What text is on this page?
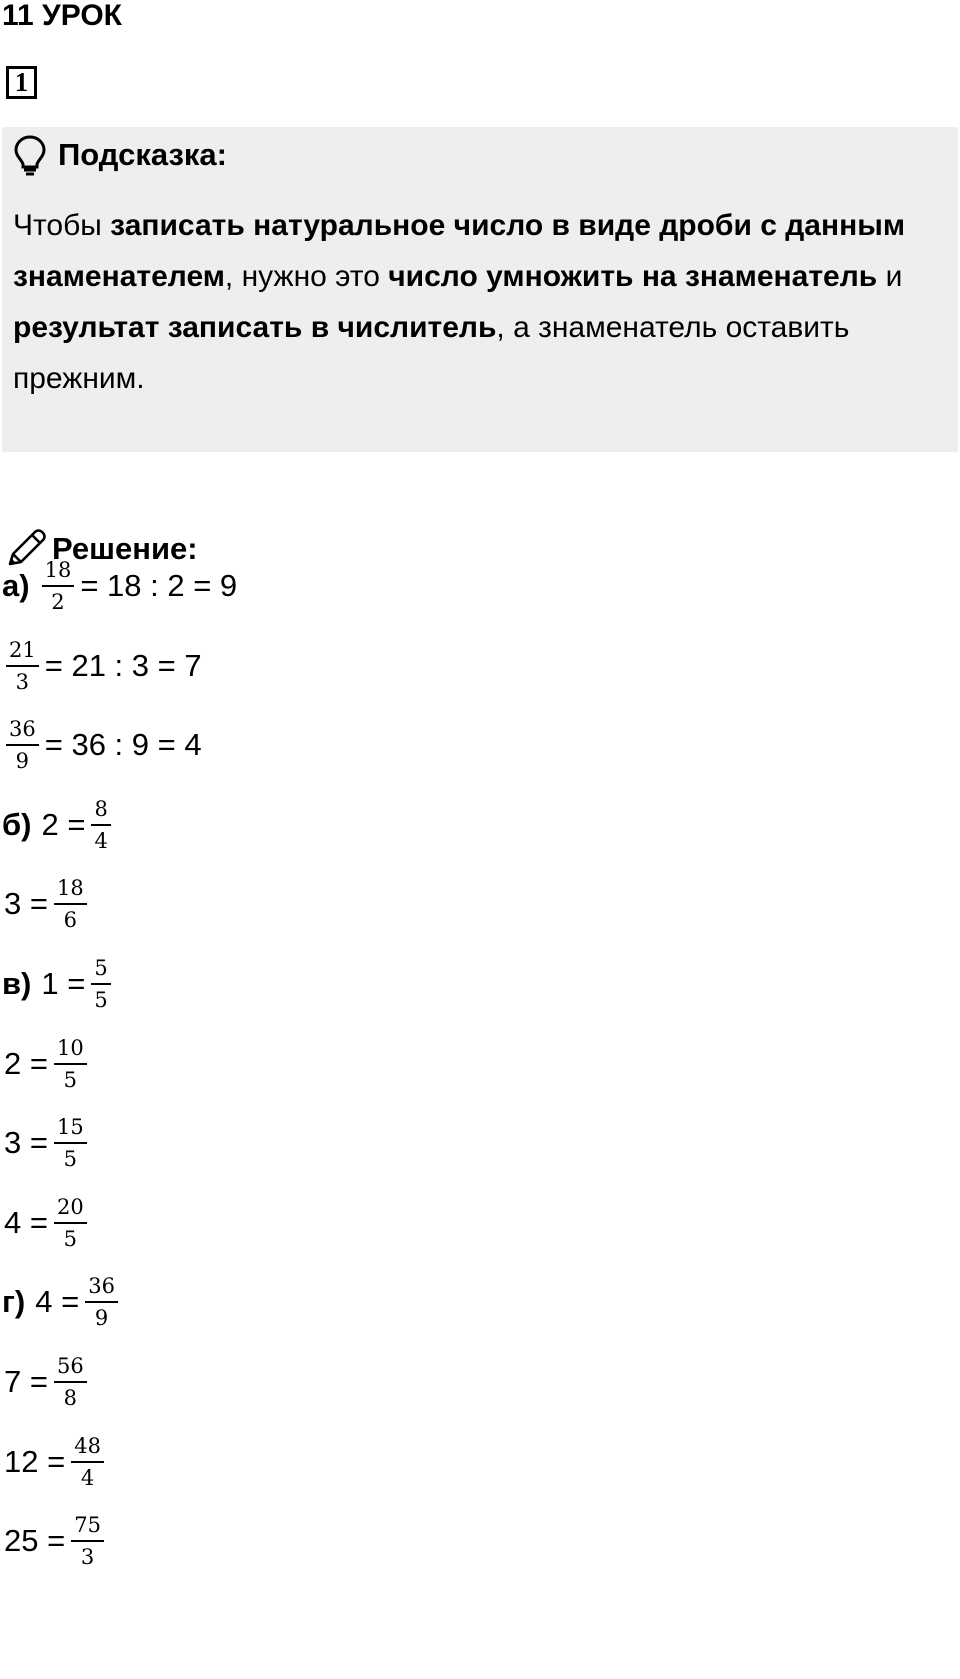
11 УРОК
1
Подсказка:
Чтобы записать натуральное число в виде дроби с данным знаменателем, нужно это число умножить на знаменатель и результат записать в числитель, а знаменатель оставить прежним.
Решение:
$а) \frac{18}{2} = 18$ : 2 = 9
$\frac{21}{3} = 21$ : 3 = 7
$\frac{36}{9} = 36$ : 9 = 4
б) $2 = \frac{8}{4}$
$3 = \frac{18}{6}$
в) $1 = \frac{5}{5}$
$2 = \frac{10}{5}$
$3 = \frac{15}{5}$
$4 = \frac{20}{5}$
г) $4 = \frac{36}{9}$
$7 = \frac{56}{8}$
$12 = \frac{48}{4}$
$25 = \frac{75}{3}$
